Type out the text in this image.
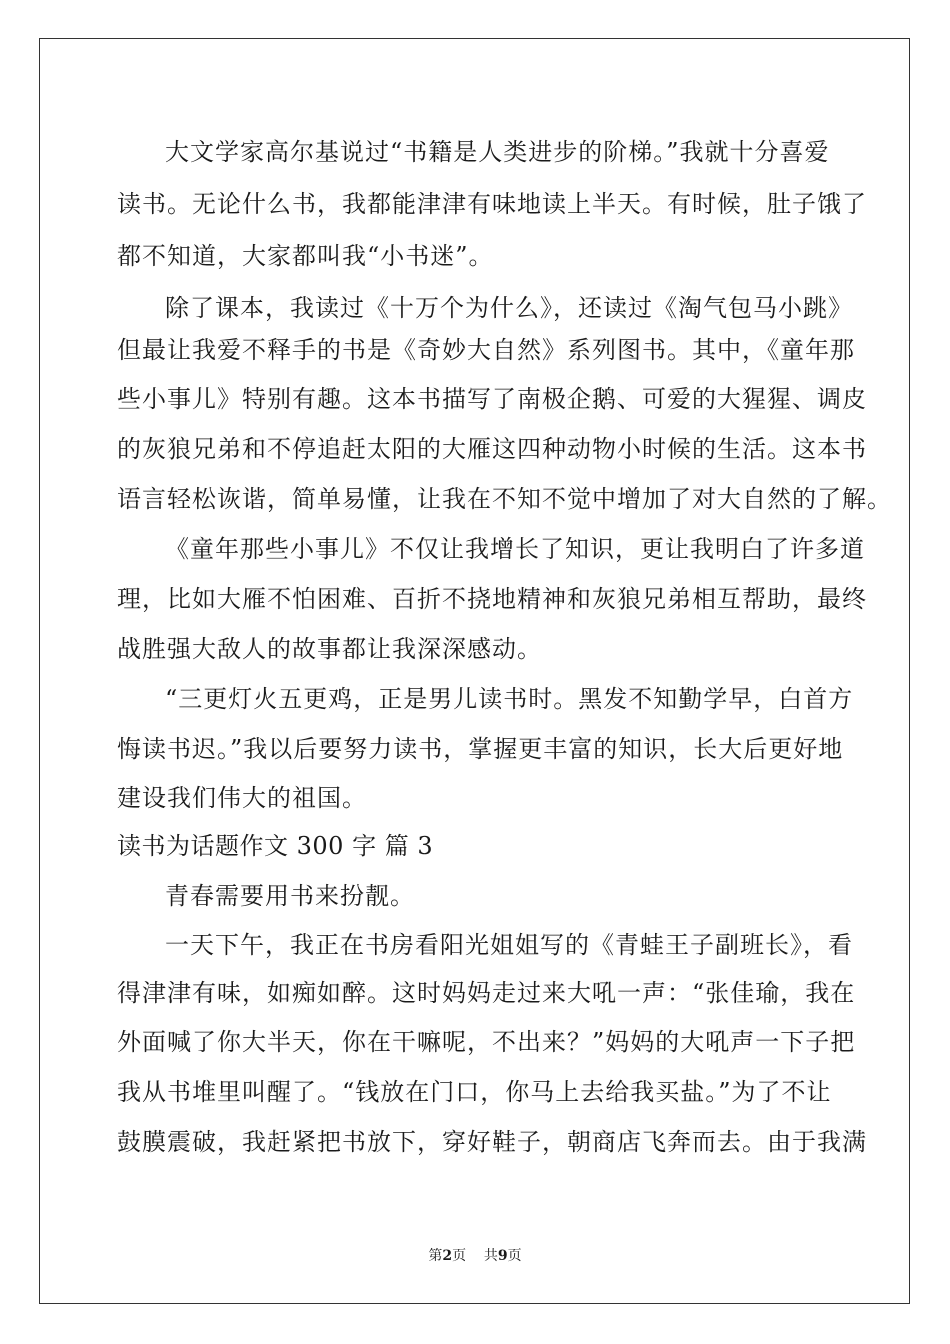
大文学家高尔基说过“书籍是人类进步的阶梯。”我就十分喜爱
读书。无论什么书，我都能津津有味地读上半天。有时候，肚子饿了
都不知道，大家都叫我“小书迷”。
除了课本，我读过《十万个为什么》，还读过《淘气包马小跳》
但最让我爱不释手的书是《奇妙大自然》系列图书。其中，《童年那
些小事儿》特别有趣。这本书描写了南极企鹅、可爱的大猩猩、调皮
的灰狼兄弟和不停追赶太阳的大雁这四种动物小时候的生活。这本书
语言轻松诙谐，简单易懂，让我在不知不觉中增加了对大自然的了解。
《童年那些小事儿》不仅让我增长了知识，更让我明白了许多道
理，比如大雁不怕困难、百折不挠地精神和灰狼兄弟相互帮助，最终
战胜强大敌人的故事都让我深深感动。
“三更灯火五更鸡，正是男儿读书时。黑发不知勤学早，白首方
悔读书迟。”我以后要努力读书，掌握更丰富的知识，长大后更好地
建设我们伟大的祖国。
读书为话题作文 300 字 篇 3
青春需要用书来扮靓。
一天下午，我正在书房看阳光姐姐写的《青蛙王子副班长》，看
得津津有味，如痴如醉。这时妈妈走过来大吼一声：“张佳瑜，我在
外面喊了你大半天，你在干嘛呢，不出来？”妈妈的大吼声一下子把
我从书堆里叫醒了。“钱放在门口，你马上去给我买盐。”为了不让
鼓膜震破，我赶紧把书放下，穿好鞋子，朝商店飞奔而去。由于我满
第2页    共9页
